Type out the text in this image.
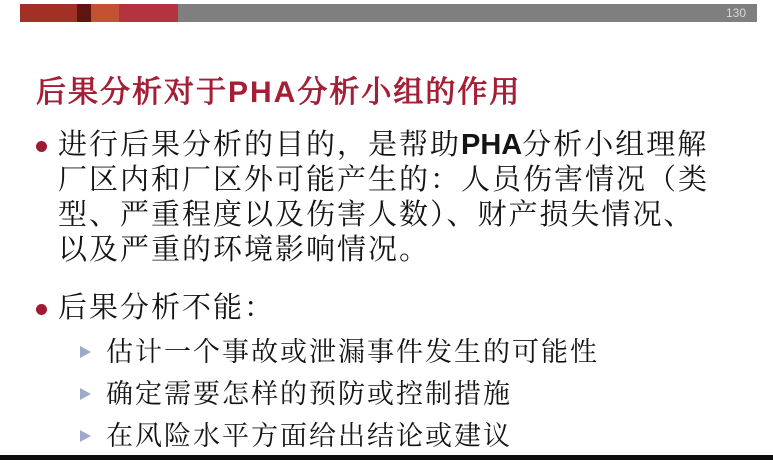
130
后果分析对于PHA分析小组的作用
进行后果分析的目的，是帮助PHA分析小组理解
厂区内和厂区外可能产生的：人员伤害情况（类
型、严重程度以及伤害人数）、财产损失情况、
以及严重的环境影响情况。
后果分析不能：
估计一个事故或泄漏事件发生的可能性
确定需要怎样的预防或控制措施
在风险水平方面给出结论或建议
